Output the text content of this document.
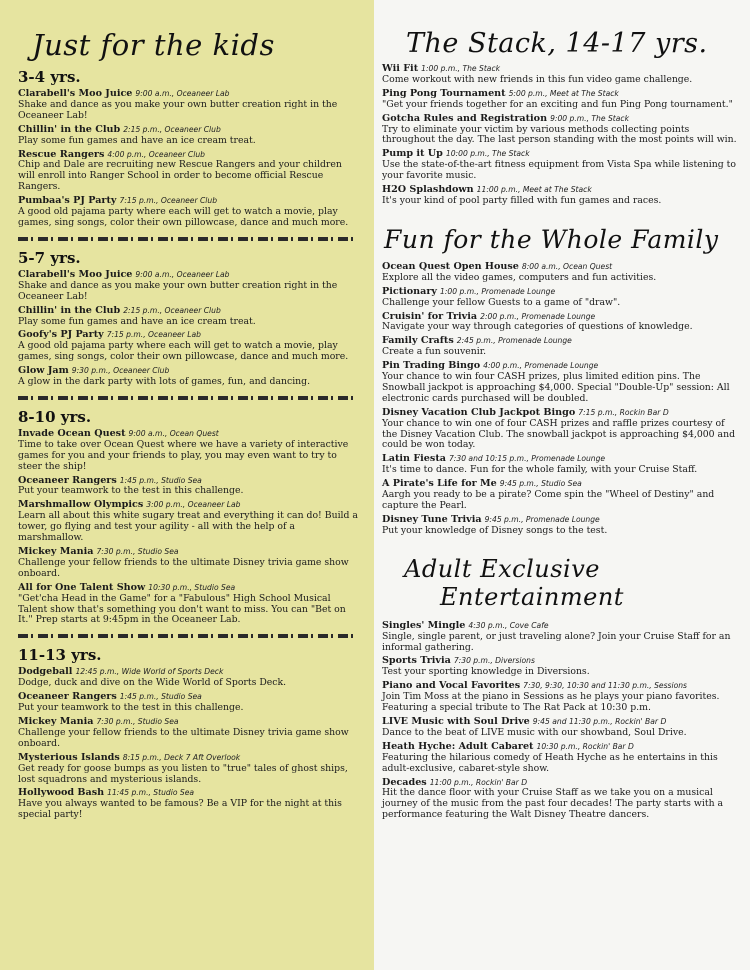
Just for the kids
3-4 yrs.
Clarabell's Moo Juice 9:00 a.m., Oceaneer Lab
Shake and dance as you make your own butter creation right in the Oceaneer Lab!
Chillin' in the Club 2:15 p.m., Oceaneer Club
Play some fun games and have an ice cream treat.
Rescue Rangers 4:00 p.m., Oceaneer Club
Chip and Dale are recruiting new Rescue Rangers and your children will enroll into Ranger School in order to become official Rescue Rangers.
Pumbaa's PJ Party 7:15 p.m., Oceaneer Club
A good old pajama party where each will get to watch a movie, play games, sing songs, color their own pillowcase, dance and much more.
5-7 yrs.
Clarabell's Moo Juice 9:00 a.m., Oceaneer Lab
Shake and dance as you make your own butter creation right in the Oceaneer Lab!
Chillin' in the Club 2:15 p.m., Oceaneer Club
Play some fun games and have an ice cream treat.
Goofy's PJ Party 7:15 p.m., Oceaneer Lab
A good old pajama party where each will get to watch a movie, play games, sing songs, color their own pillowcase, dance and much more.
Glow Jam 9:30 p.m., Oceaneer Club
A glow in the dark party with lots of games, fun, and dancing.
8-10 yrs.
Invade Ocean Quest 9:00 a.m., Ocean Quest
Time to take over Ocean Quest where we have a variety of interactive games for you and your friends to play, you may even want to try to steer the ship!
Oceaneer Rangers 1:45 p.m., Studio Sea
Put your teamwork to the test in this challenge.
Marshmallow Olympics 3:00 p.m., Oceaneer Lab
Learn all about this white sugary treat and everything it can do! Build a tower, go flying and test your agility - all with the help of a marshmallow.
Mickey Mania 7:30 p.m., Studio Sea
Challenge your fellow friends to the ultimate Disney trivia game show onboard.
All for One Talent Show 10:30 p.m., Studio Sea
"Get'cha Head in the Game" for a "Fabulous" High School Musical Talent show that's something you don't want to miss. You can "Bet on It." Prep starts at 9:45pm in the Oceaneer Lab.
11-13 yrs.
Dodgeball 12:45 p.m., Wide World of Sports Deck
Dodge, duck and dive on the Wide World of Sports Deck.
Oceaneer Rangers 1:45 p.m., Studio Sea
Put your teamwork to the test in this challenge.
Mickey Mania 7:30 p.m., Studio Sea
Challenge your fellow friends to the ultimate Disney trivia game show onboard.
Mysterious Islands 8:15 p.m., Deck 7 Aft Overlook
Get ready for goose bumps as you listen to "true" tales of ghost ships, lost squadrons and mysterious islands.
Hollywood Bash 11:45 p.m., Studio Sea
Have you always wanted to be famous? Be a VIP for the night at this special party!
The Stack, 14-17 yrs.
Wii Fit 1:00 p.m., The Stack
Come workout with new friends in this fun video game challenge.
Ping Pong Tournament 5:00 p.m., Meet at The Stack
"Get your friends together for an exciting and fun Ping Pong tournament."
Gotcha Rules and Registration 9:00 p.m., The Stack
Try to eliminate your victim by various methods collecting points throughout the day. The last person standing with the most points will win.
Pump it Up 10:00 p.m., The Stack
Use the state-of-the-art fitness equipment from Vista Spa while listening to your favorite music.
H2O Splashdown 11:00 p.m., Meet at The Stack
It's your kind of pool party filled with fun games and races.
Fun for the Whole Family
Ocean Quest Open House 8:00 a.m., Ocean Quest
Explore all the video games, computers and fun activities.
Pictionary 1:00 p.m., Promenade Lounge
Challenge your fellow Guests to a game of "draw".
Cruisin' for Trivia 2:00 p.m., Promenade Lounge
Navigate your way through categories of questions of knowledge.
Family Crafts 2:45 p.m., Promenade Lounge
Create a fun souvenir.
Pin Trading Bingo 4:00 p.m., Promenade Lounge
Your chance to win four CASH prizes, plus limited edition pins. The Snowball jackpot is approaching $4,000. Special "Double-Up" session: All electronic cards purchased will be doubled.
Disney Vacation Club Jackpot Bingo 7:15 p.m., Rockin Bar D
Your chance to win one of four CASH prizes and raffle prizes courtesy of the Disney Vacation Club. The snowball jackpot is approaching $4,000 and could be won today.
Latin Fiesta 7:30 and 10:15 p.m., Promenade Lounge
It's time to dance. Fun for the whole family, with your Cruise Staff.
A Pirate's Life for Me 9:45 p.m., Studio Sea
Aargh you ready to be a pirate? Come spin the "Wheel of Destiny" and capture the Pearl.
Disney Tune Trivia 9:45 p.m., Promenade Lounge
Put your knowledge of Disney songs to the test.
Adult Exclusive
Entertainment
Singles' Mingle 4:30 p.m., Cove Cafe
Single, single parent, or just traveling alone? Join your Cruise Staff for an informal gathering.
Sports Trivia 7:30 p.m., Diversions
Test your sporting knowledge in Diversions.
Piano and Vocal Favorites 7:30, 9:30, 10:30 and 11:30 p.m., Sessions
Join Tim Moss at the piano in Sessions as he plays your piano favorites. Featuring a special tribute to The Rat Pack at 10:30 p.m.
LIVE Music with Soul Drive 9:45 and 11:30 p.m., Rockin' Bar D
Dance to the beat of LIVE music with our showband, Soul Drive.
Heath Hyche: Adult Cabaret 10:30 p.m., Rockin' Bar D
Featuring the hilarious comedy of Heath Hyche as he entertains in this adult-exclusive, cabaret-style show.
Decades 11:00 p.m., Rockin' Bar D
Hit the dance floor with your Cruise Staff as we take you on a musical journey of the music from the past four decades! The party starts with a performance featuring the Walt Disney Theatre dancers.
